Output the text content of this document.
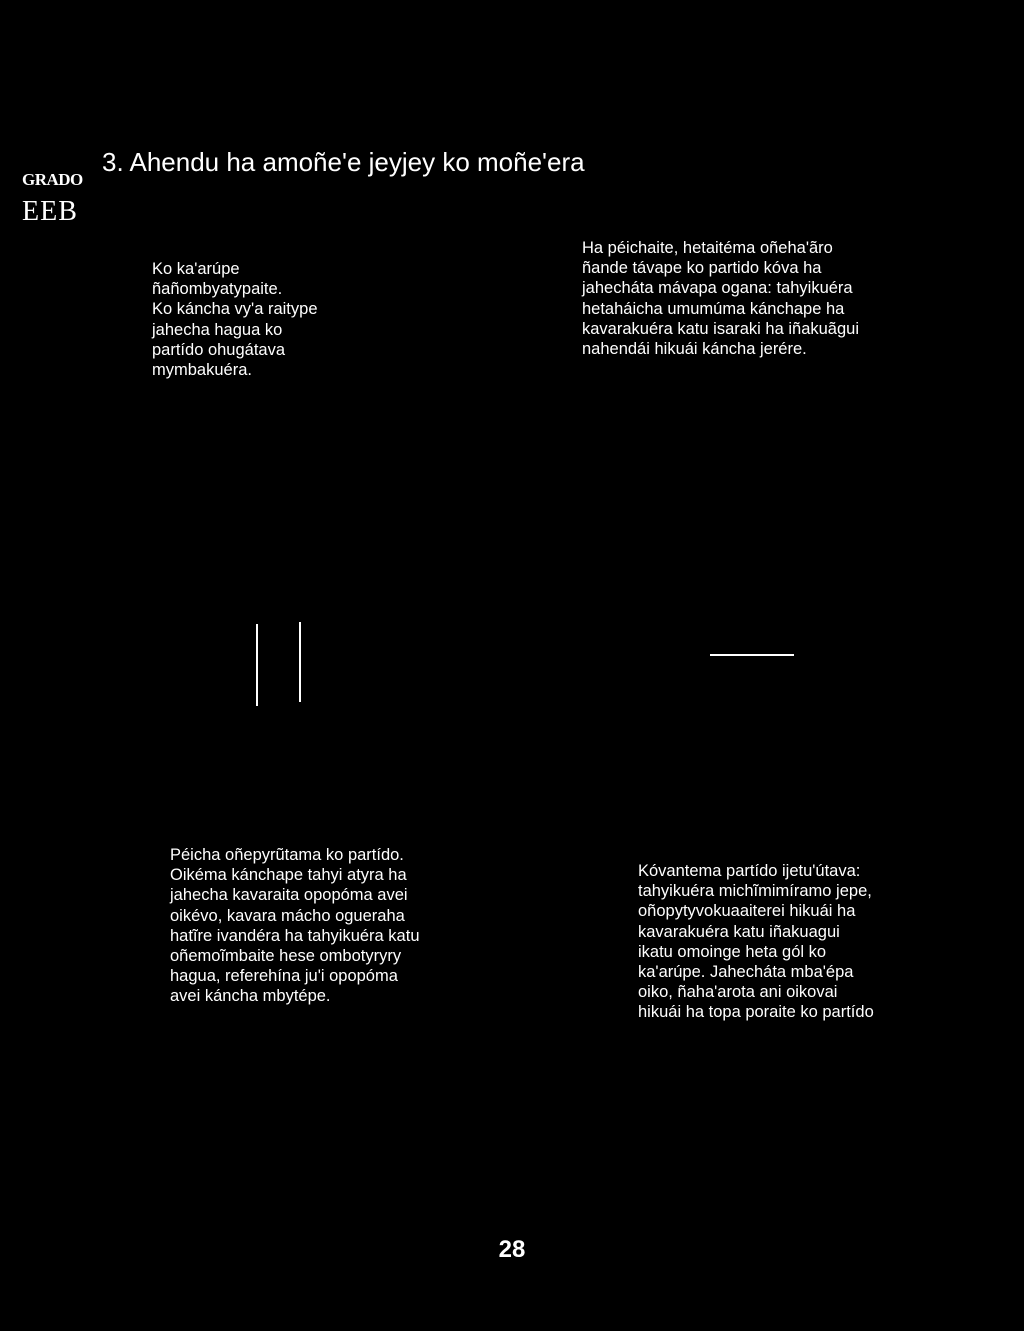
GRADO
EEB
3. Ahendu ha amoñe'e jeyjey ko moñe'era
Ko ka'arúpe
ñañombyatypaite.
Ko káncha vy'a raitype
jahecha hagua ko
partído ohugátava
mymbakuéra.
Ha péichaite, hetaitéma oñeha'ãro
ñande távape ko partido kóva ha
jahecháta mávapa ogana: tahyikuéra
hetaháicha umumúma kánchape ha
kavarakuéra katu isaraki ha iñakuãgui
nahendái hikuái káncha jerére.
Péicha oñepyrũtama ko partído.
Oikéma kánchape tahyi atyra ha
jahecha kavaraita opopóma avei
oikévo, kavara mácho ogueraha
hatĩre ivandéra ha tahyikuéra katu
oñemoĩmbaite hese ombotyryry
hagua, referehína ju'i opopóma
avei káncha mbytépe.
Kóvantema partído ijetu'útava:
tahyikuéra michĩmimíramo jepe,
oñopytyvokuaaiterei hikuái ha
kavarakuéra katu iñakuagui
ikatu omoinge heta gól ko
ka'arúpe. Jahecháta mba'épa
oiko, ñaha'arota ani oikovai
hikuái ha topa poraite ko partído
28
